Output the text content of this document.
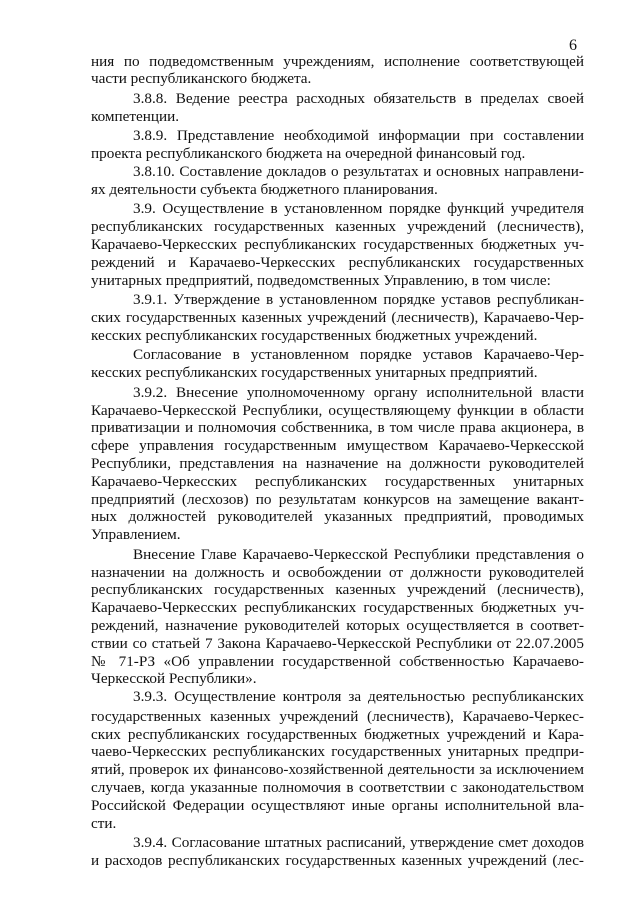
6
ния по подведомственным учреждениям, исполнение соответствующей
части республиканского бюджета.
3.8.8. Ведение реестра расходных обязательств в пределах своей
компетенции.
3.8.9. Представление необходимой информации при составлении
проекта республиканского бюджета на очередной финансовый год.
3.8.10. Составление докладов о результатах и основных направлени-
ях деятельности субъекта бюджетного планирования.
3.9. Осуществление в установленном порядке функций учредителя
республиканских государственных казенных учреждений (лесничеств),
Карачаево-Черкесских республиканских государственных бюджетных уч-
реждений и Карачаево-Черкесских республиканских государственных
унитарных предприятий, подведомственных Управлению, в том числе:
3.9.1. Утверждение в установленном порядке уставов республикан-
ских государственных казенных учреждений (лесничеств), Карачаево-Чер-
кесских республиканских государственных бюджетных учреждений.
Согласование в установленном порядке уставов Карачаево-Чер-
кесских республиканских государственных унитарных предприятий.
3.9.2. Внесение уполномоченному органу исполнительной власти
Карачаево-Черкесской Республики, осуществляющему функции в области
приватизации и полномочия собственника, в том числе права акционера, в
сфере управления государственным имуществом Карачаево-Черкесской
Республики, представления на назначение на должности руководителей
Карачаево-Черкесских республиканских государственных унитарных
предприятий (лесхозов) по результатам конкурсов на замещение вакант-
ных должностей руководителей указанных предприятий, проводимых
Управлением.
Внесение Главе Карачаево-Черкесской Республики представления о
назначении на должность и освобождении от должности руководителей
республиканских государственных казенных учреждений (лесничеств),
Карачаево-Черкесских республиканских государственных бюджетных уч-
реждений, назначение руководителей которых осуществляется в соответ-
ствии со статьей 7 Закона Карачаево-Черкесской Республики от 22.07.2005
№ 71-РЗ «Об управлении государственной собственностью Карачаево-
Черкесской Республики».
3.9.3. Осуществление контроля за деятельностью республиканских
государственных казенных учреждений (лесничеств), Карачаево-Черкес-
ских республиканских государственных бюджетных учреждений и Кара-
чаево-Черкесских республиканских государственных унитарных предпри-
ятий, проверок их финансово-хозяйственной деятельности за исключением
случаев, когда указанные полномочия в соответствии с законодательством
Российской Федерации осуществляют иные органы исполнительной вла-
сти.
3.9.4. Согласование штатных расписаний, утверждение смет доходов
и расходов республиканских государственных казенных учреждений (лес-
